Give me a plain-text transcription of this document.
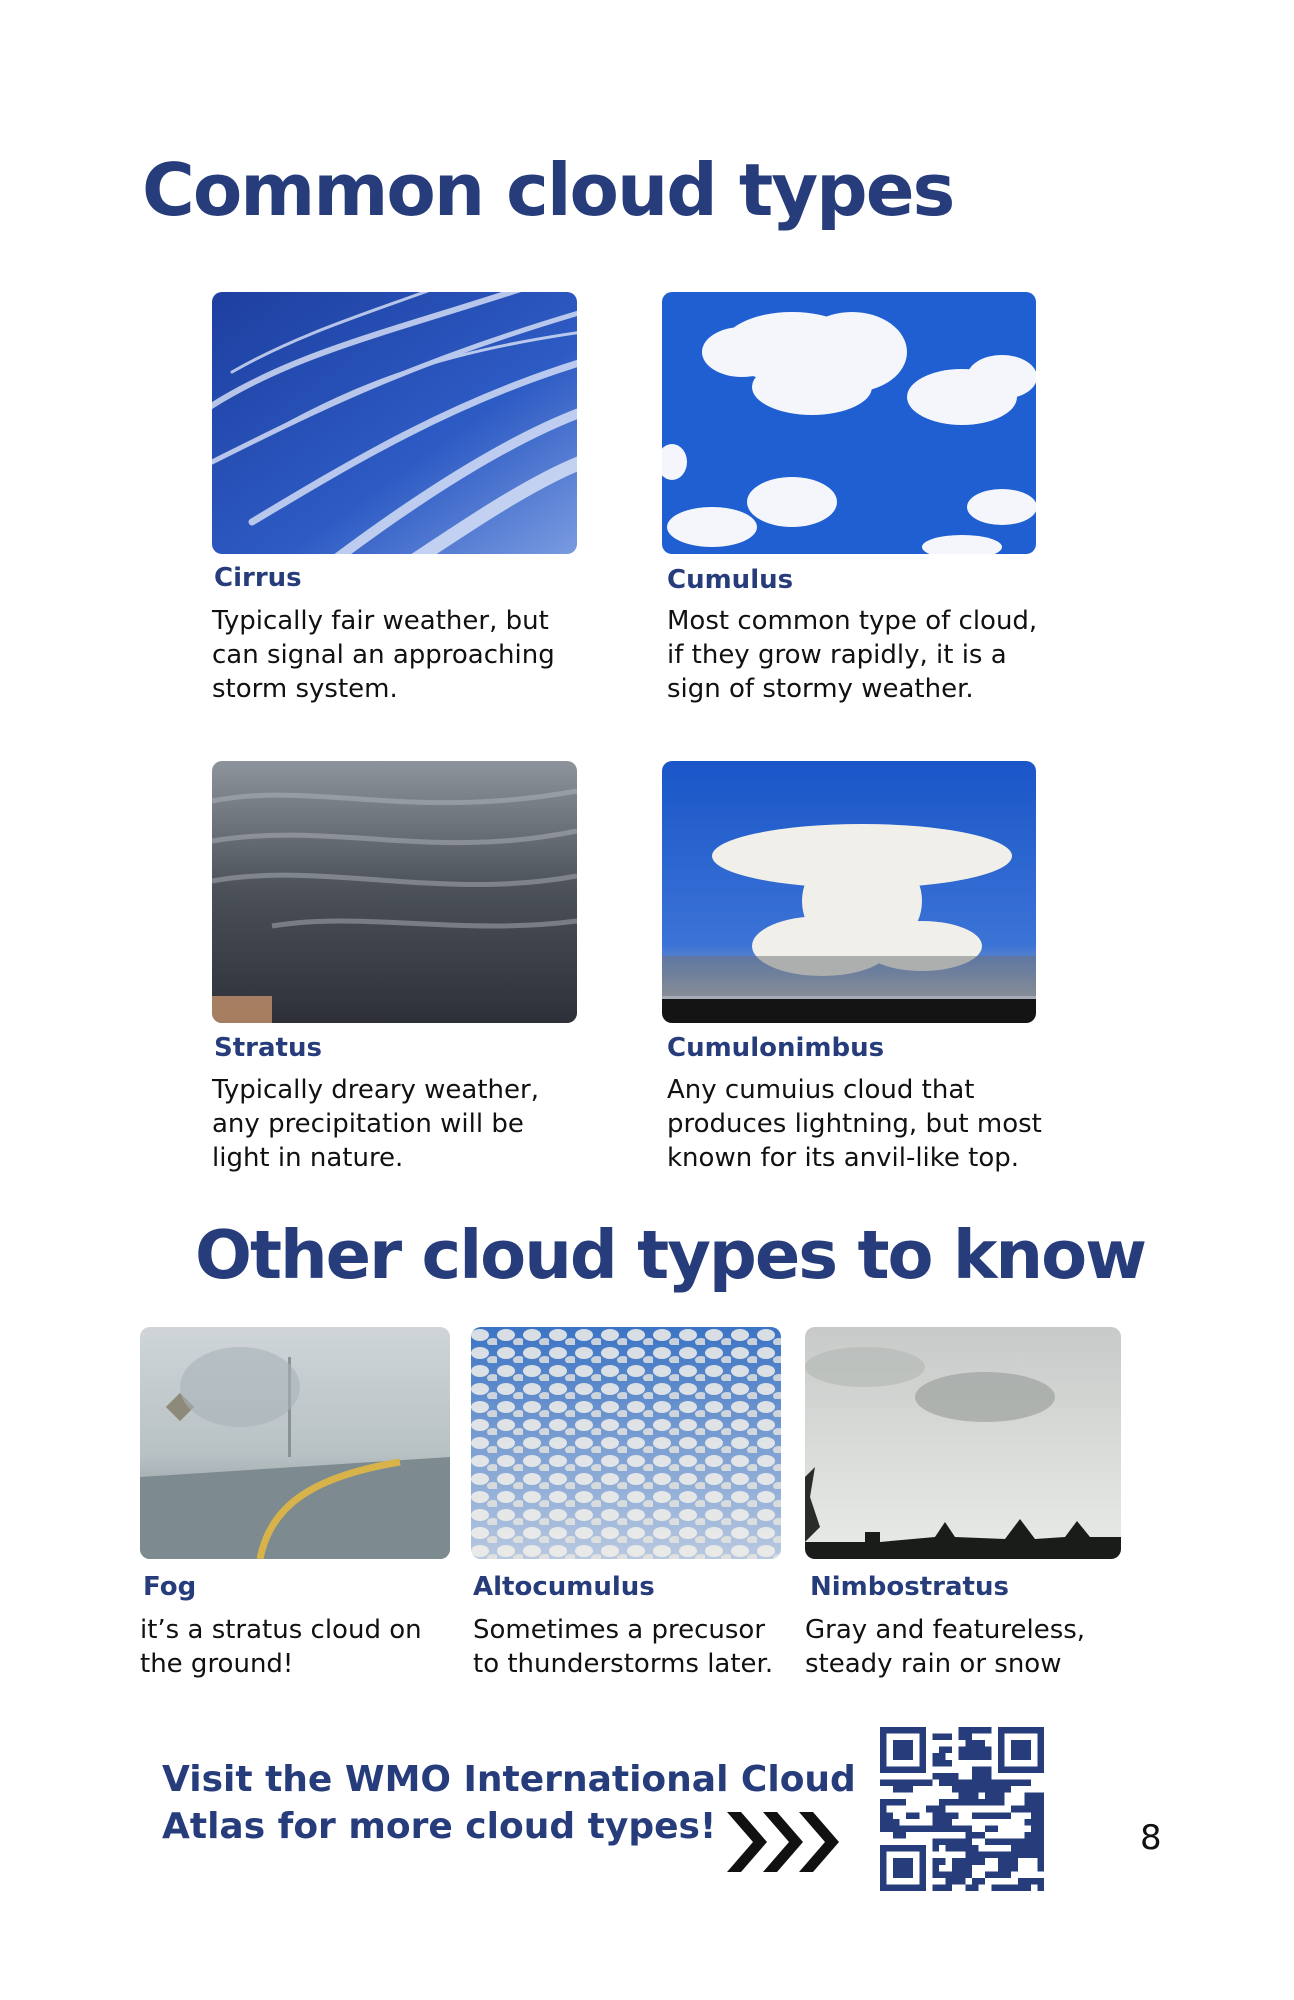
Common cloud types
Cirrus
Typically fair weather, but
can signal an approaching
storm system.
Cumulus
Most common type of cloud,
if they grow rapidly, it is a
sign of stormy weather.
Stratus
Typically dreary weather,
any precipitation will be
light in nature.
Cumulonimbus
Any cumuius cloud that
produces lightning, but most
known for its anvil-like top.
Other cloud types to know
Fog
it’s a stratus cloud on
the ground!
Altocumulus
Sometimes a precusor
to thunderstorms later.
Nimbostratus
Gray and featureless,
steady rain or snow
Visit the WMO International Cloud
Atlas for more cloud types!	8
